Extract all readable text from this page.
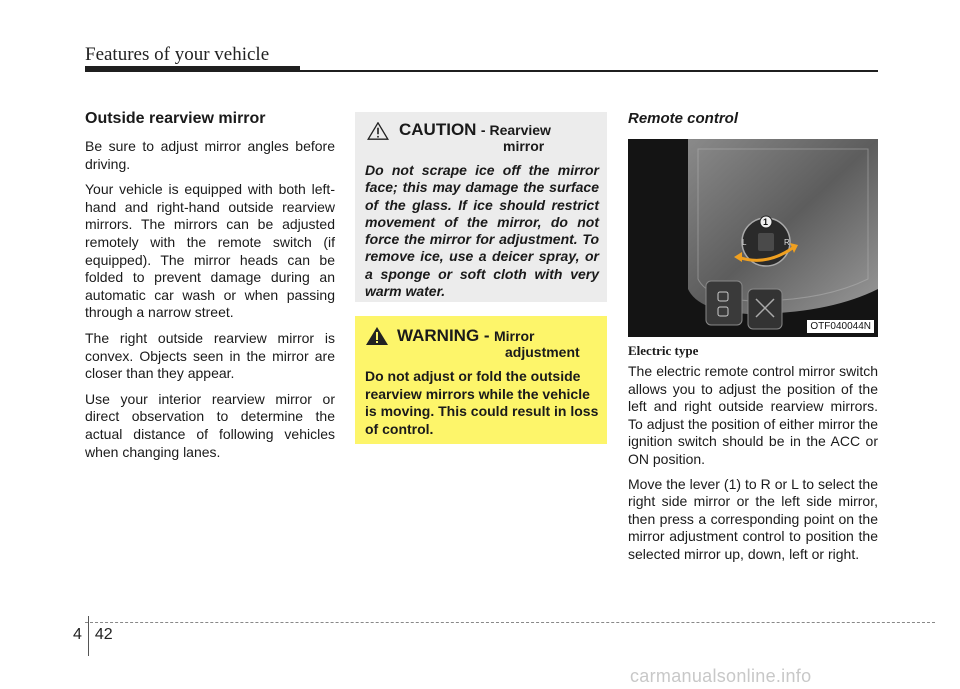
Features of your vehicle
Outside rearview mirror

Be sure to adjust mirror angles before driving.

Your vehicle is equipped with both left-hand and right-hand outside rearview mirrors. The mirrors can be adjusted remotely with the remote switch (if equipped). The mirror heads can be folded to prevent damage during an automatic car wash or when passing through a narrow street.

The right outside rearview mirror is convex. Objects seen in the mirror are closer than they appear.

Use your interior rearview mirror or direct observation to determine the actual distance of following vehicles when changing lanes.

CAUTION - Rearview
mirror

Do not scrape ice off the mirror face; this may damage the surface of the glass. If ice should restrict movement of the mirror, do not force the mirror for adjustment. To remove ice, use a deicer spray, or a sponge or soft cloth with very warm water.

WARNING - Mirror
adjustment

Do not adjust or fold the outside rearview mirrors while the vehicle is moving. This could result in loss of control.

Remote control
1
L	R
OTF040044N
Electric type

The electric remote control mirror switch allows you to adjust the position of the left and right outside rearview mirrors. To adjust the position of either mirror the ignition switch should be in the ACC or ON position.

Move the lever (1) to R or L to select the right side mirror or the left side mirror, then press a corresponding point on the mirror adjustment control to position the selected mirror up, down, left or right.

4 42
carmanualsonline.info
